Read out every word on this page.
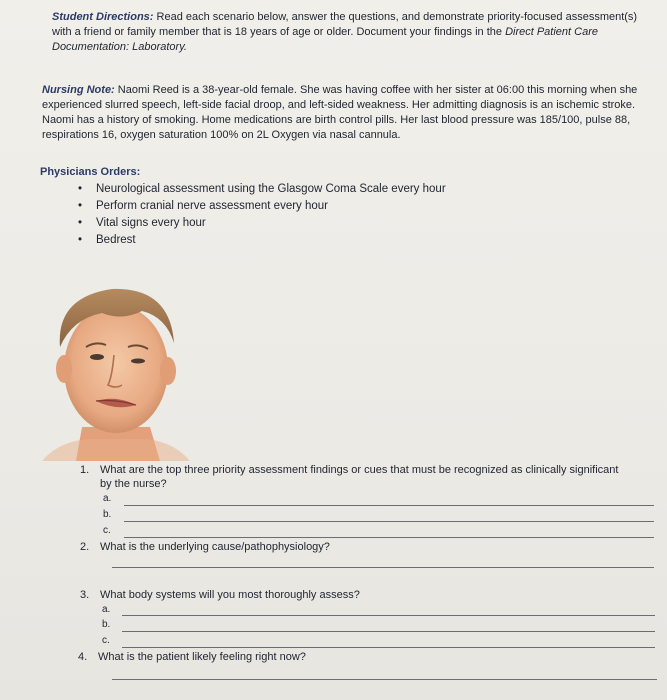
Student Directions: Read each scenario below, answer the questions, and demonstrate priority-focused assessment(s) with a friend or family member that is 18 years of age or older. Document your findings in the Direct Patient Care Documentation: Laboratory.
Nursing Note: Naomi Reed is a 38-year-old female. She was having coffee with her sister at 06:00 this morning when she experienced slurred speech, left-side facial droop, and left-sided weakness. Her admitting diagnosis is an ischemic stroke. Naomi has a history of smoking. Home medications are birth control pills. Her last blood pressure was 185/100, pulse 88, respirations 16, oxygen saturation 100% on 2L Oxygen via nasal cannula.
Physicians Orders:
• Neurological assessment using the Glasgow Coma Scale every hour
• Perform cranial nerve assessment every hour
• Vital signs every hour
• Bedrest
1. What are the top three priority assessment findings or cues that must be recognized as clinically significant by the nurse?
a.
b.
c.
2. What is the underlying cause/pathophysiology?
3. What body systems will you most thoroughly assess?
a.
b.
c.
4. What is the patient likely feeling right now?
